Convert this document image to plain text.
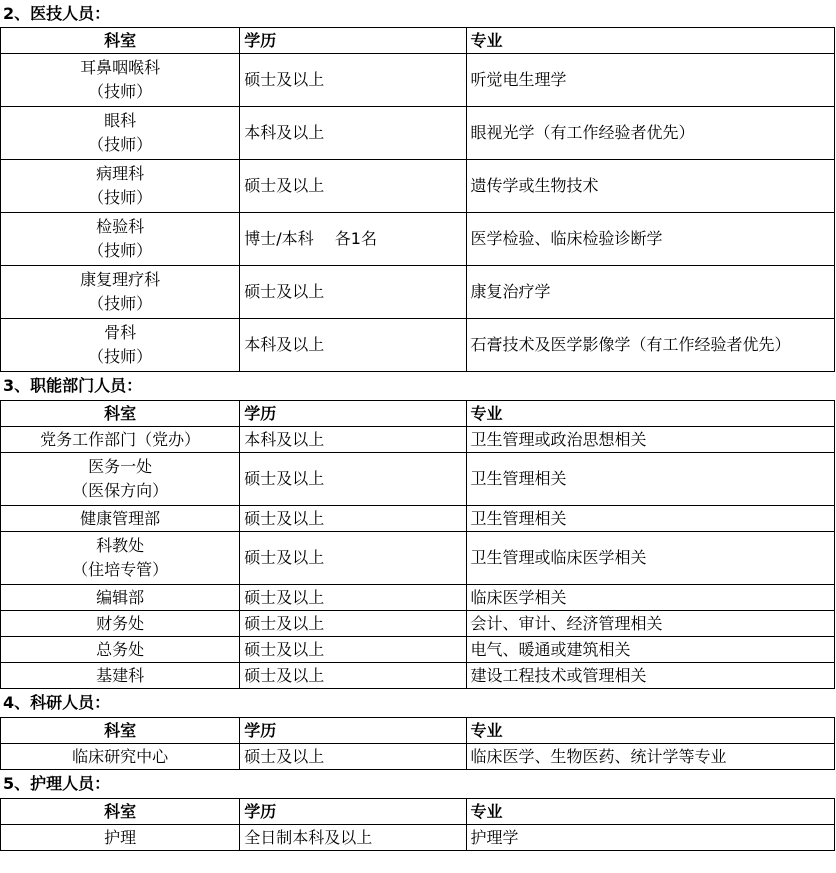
2、医技人员：
科室	学历	专业

耳鼻咽喉科
（技师）	硕士及以上	听觉电生理学

眼科
（技师）	本科及以上	眼视光学（有工作经验者优先）

病理科
（技师）	硕士及以上	遗传学或生物技术

检验科
（技师）	博士/本科　 各1名	医学检验、临床检验诊断学

康复理疗科
（技师）	硕士及以上	康复治疗学

骨科
（技师）	本科及以上	石膏技术及医学影像学（有工作经验者优先）
3、职能部门人员：
科室	学历	专业

党务工作部门（党办）	本科及以上	卫生管理或政治思想相关

医务一处
（医保方向）	硕士及以上	卫生管理相关

健康管理部	硕士及以上	卫生管理相关

科教处
（住培专管）	硕士及以上	卫生管理或临床医学相关

编辑部	硕士及以上	临床医学相关

财务处	硕士及以上	会计、审计、经济管理相关

总务处	硕士及以上	电气、暖通或建筑相关

基建科	硕士及以上	建设工程技术或管理相关
4、科研人员：
科室	学历	专业

临床研究中心	硕士及以上	临床医学、生物医药、统计学等专业
5、护理人员：
科室	学历	专业

护理	全日制本科及以上	护理学
